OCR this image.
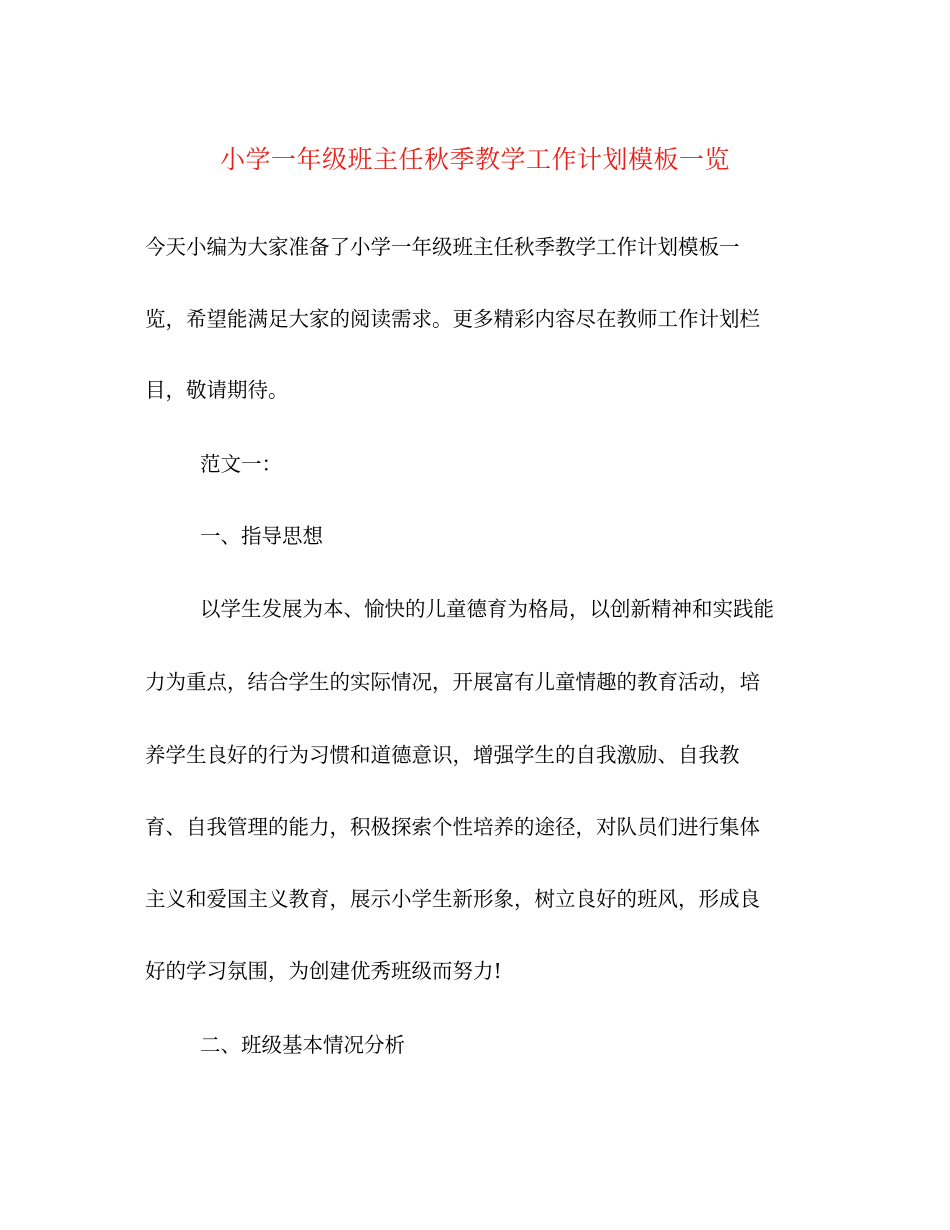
小学一年级班主任秋季教学工作计划模板一览
今天小编为大家准备了小学一年级班主任秋季教学工作计划模板一
览，希望能满足大家的阅读需求。更多精彩内容尽在教师工作计划栏
目，敬请期待。
范文一：
一、指导思想
以学生发展为本、愉快的儿童德育为格局，以创新精神和实践能
力为重点，结合学生的实际情况，开展富有儿童情趣的教育活动，培
养学生良好的行为习惯和道德意识，增强学生的自我激励、自我教
育、自我管理的能力，积极探索个性培养的途径，对队员们进行集体
主义和爱国主义教育，展示小学生新形象，树立良好的班风，形成良
好的学习氛围，为创建优秀班级而努力!
二、班级基本情况分析
